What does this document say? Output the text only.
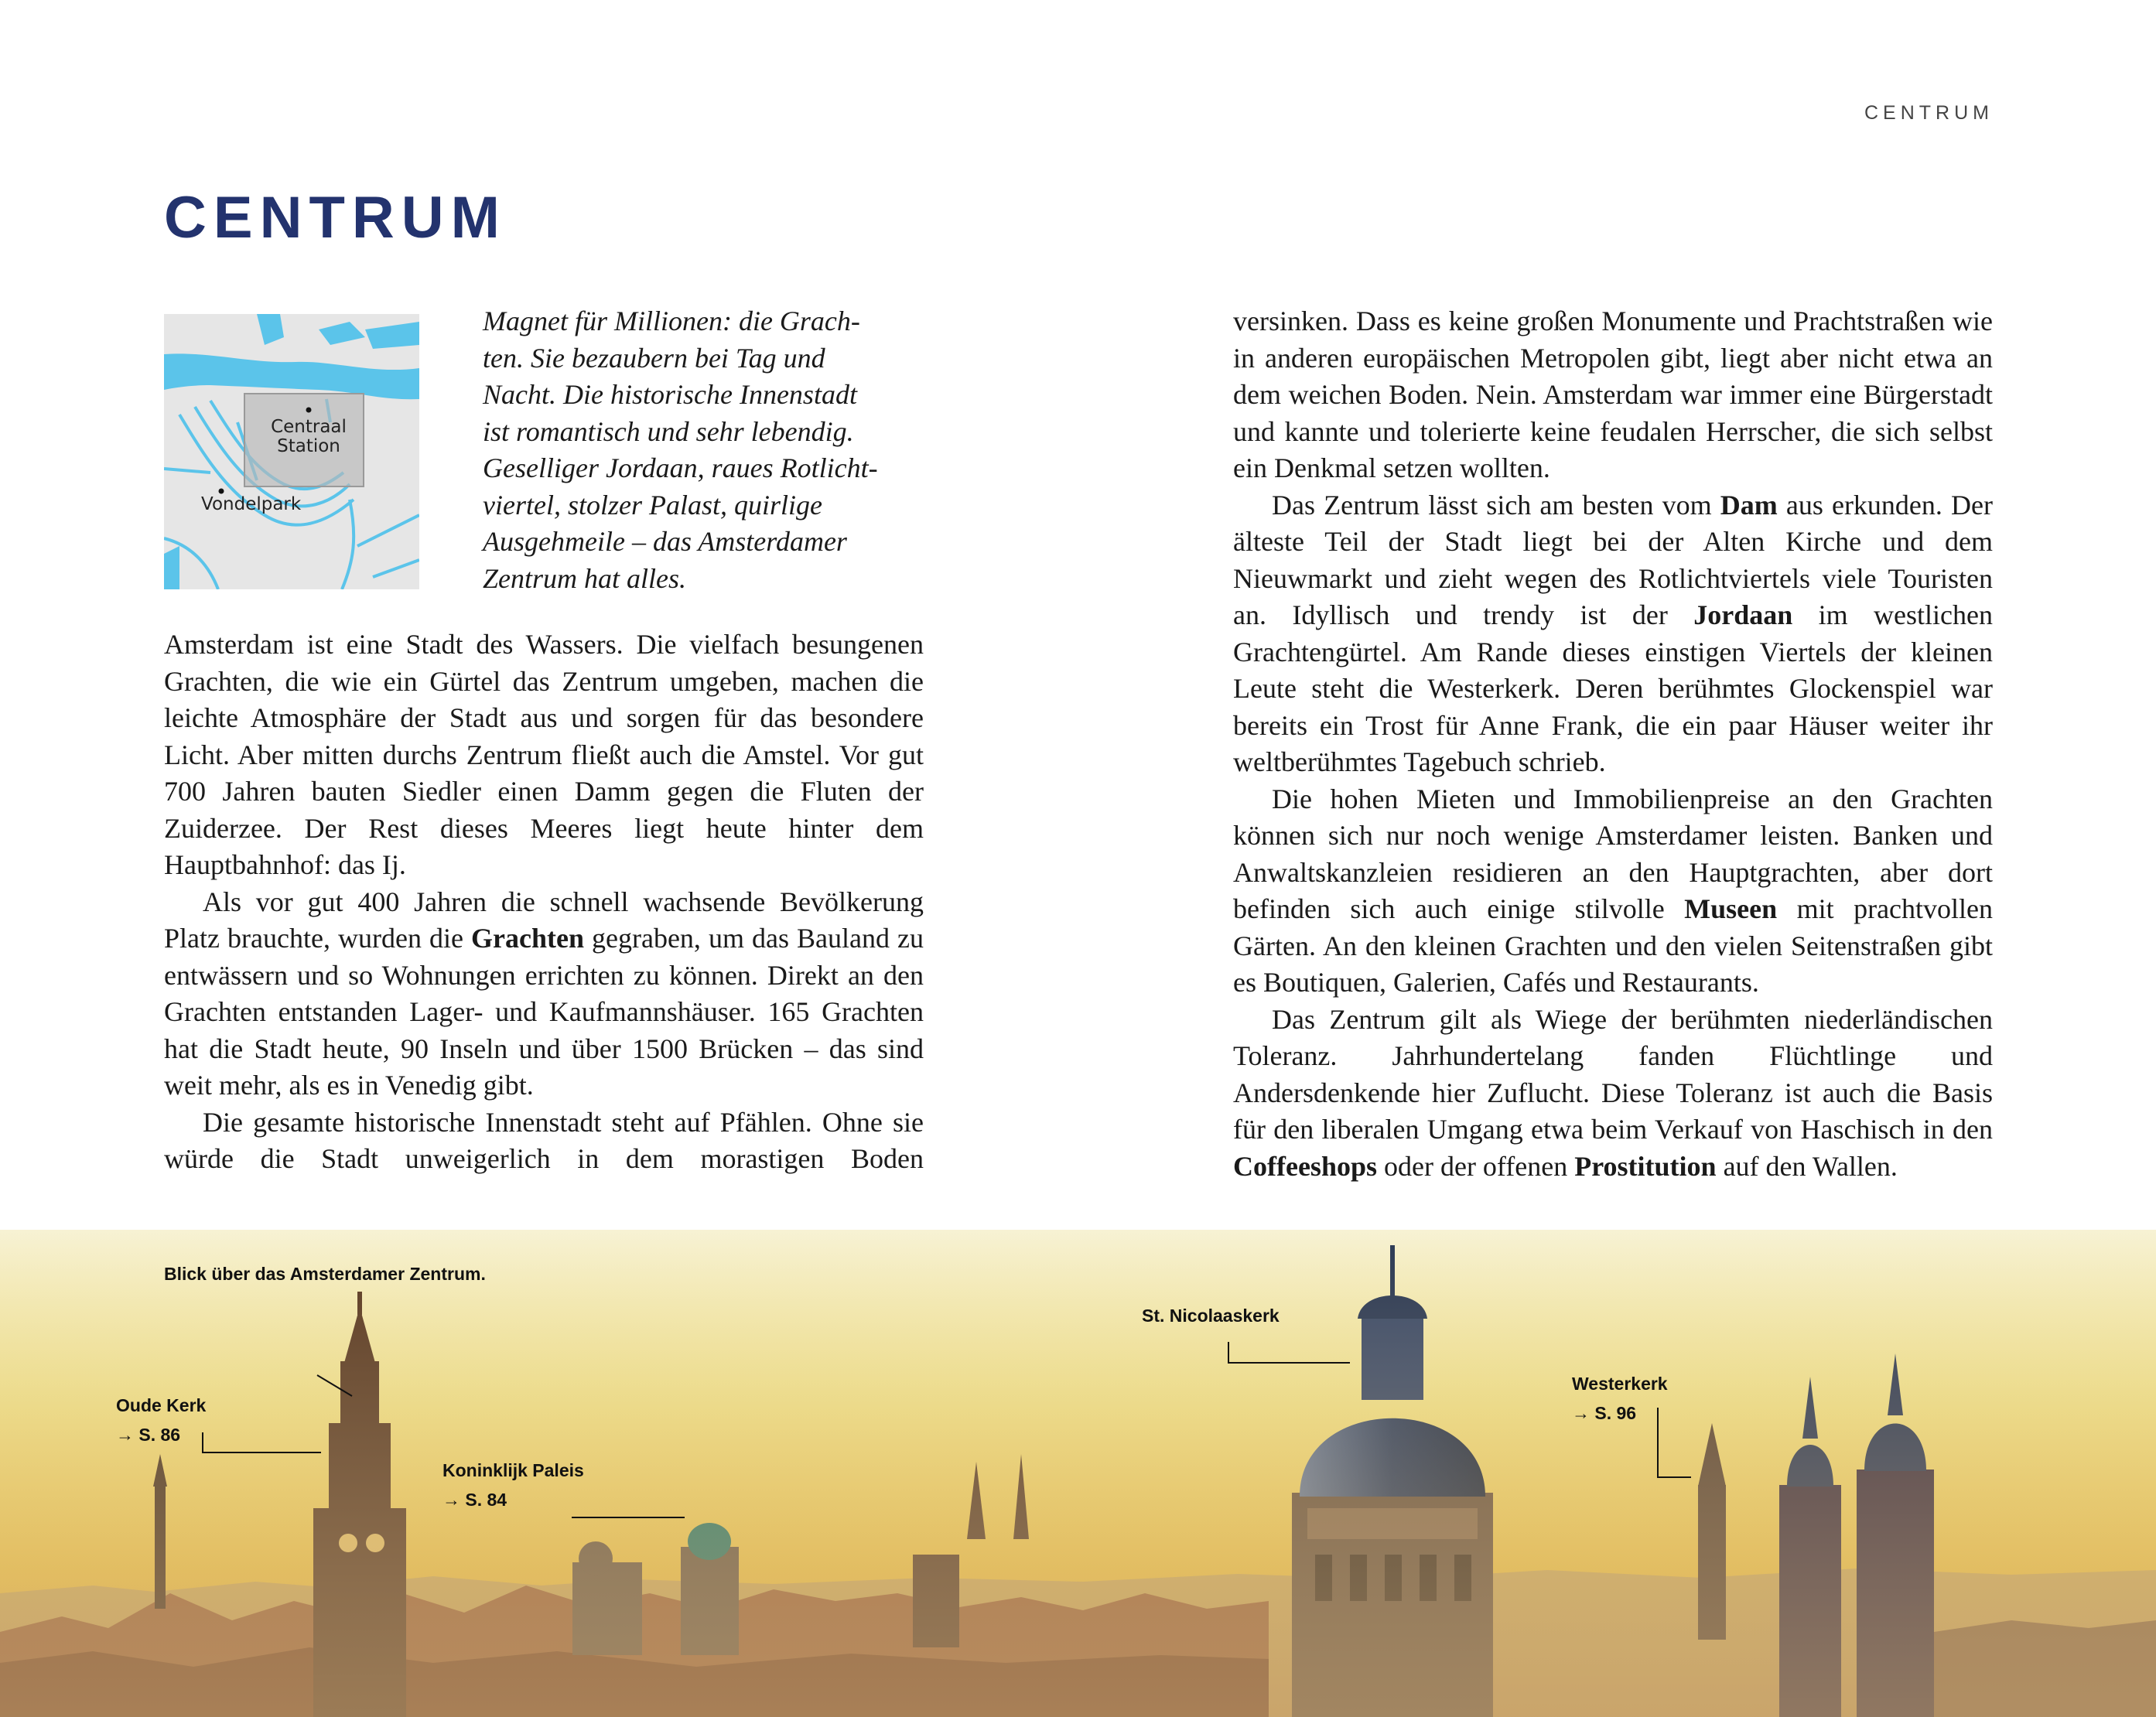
CENTRUM
CENTRUM
Centraal
Station
Vondelpark

Magnet für Millionen: die Grach-
ten. Sie bezaubern bei Tag und
Nacht. Die historische Innenstadt
ist romantisch und sehr lebendig.
Geselliger Jordaan, raues Rotlicht-
viertel, stolzer Palast, quirlige
Ausgehmeile – das Amsterdamer
Zentrum hat alles.

Amsterdam ist eine Stadt des Wassers. Die vielfach besungenen Grachten, die wie ein Gürtel das Zentrum umgeben, machen die leichte Atmosphäre der Stadt aus und sorgen für das besondere Licht. Aber mitten durchs Zentrum fließt auch die Amstel. Vor gut 700 Jahren bauten Siedler einen Damm gegen die Fluten der Zuiderzee. Der Rest dieses Meeres liegt heute hinter dem Hauptbahnhof: das Ij.

Als vor gut 400 Jahren die schnell wachsende Bevölkerung Platz brauchte, wurden die Grachten gegraben, um das Bauland zu entwässern und so Wohnungen errichten zu können. Direkt an den Grachten entstanden Lager- und Kaufmannshäuser. 165 Grachten hat die Stadt heute, 90 Inseln und über 1500 Brücken – das sind weit mehr, als es in Venedig gibt.

Die gesamte historische Innenstadt steht auf Pfählen. Ohne sie würde die Stadt unweigerlich in dem morastigen Boden

versinken. Dass es keine großen Monumente und Prachtstraßen wie in anderen europäischen Metropolen gibt, liegt aber nicht etwa an dem weichen Boden. Nein. Amsterdam war immer eine Bürgerstadt und kannte und tolerierte keine feudalen Herrscher, die sich selbst ein Denkmal setzen wollten.

Das Zentrum lässt sich am besten vom Dam aus erkunden. Der älteste Teil der Stadt liegt bei der Alten Kirche und dem Nieuwmarkt und zieht wegen des Rotlichtviertels viele Touristen an. Idyllisch und trendy ist der Jordaan im westlichen Grachtengürtel. Am Rande dieses einstigen Viertels der kleinen Leute steht die Westerkerk. Deren berühmtes Glockenspiel war bereits ein Trost für Anne Frank, die ein paar Häuser weiter ihr weltberühmtes Tagebuch schrieb.

Die hohen Mieten und Immobilienpreise an den Grachten können sich nur noch wenige Amsterdamer leisten. Banken und Anwaltskanzleien residieren an den Hauptgrachten, aber dort befinden sich auch einige stilvolle Museen mit prachtvollen Gärten. An den kleinen Grachten und den vielen Seitenstraßen gibt es Boutiquen, Galerien, Cafés und Restaurants.

Das Zentrum gilt als Wiege der berühmten niederländischen Toleranz. Jahrhundertelang fanden Flüchtlinge und Andersdenkende hier Zuflucht. Diese Toleranz ist auch die Basis für den liberalen Umgang etwa beim Verkauf von Haschisch in den Coffeeshops oder der offenen Prostitution auf den Wallen.

Blick über das Amsterdamer Zentrum.
Oude Kerk
→ S. 86
Koninklijk Paleis
→ S. 84
St. Nicolaaskerk
Westerkerk
→ S. 96
